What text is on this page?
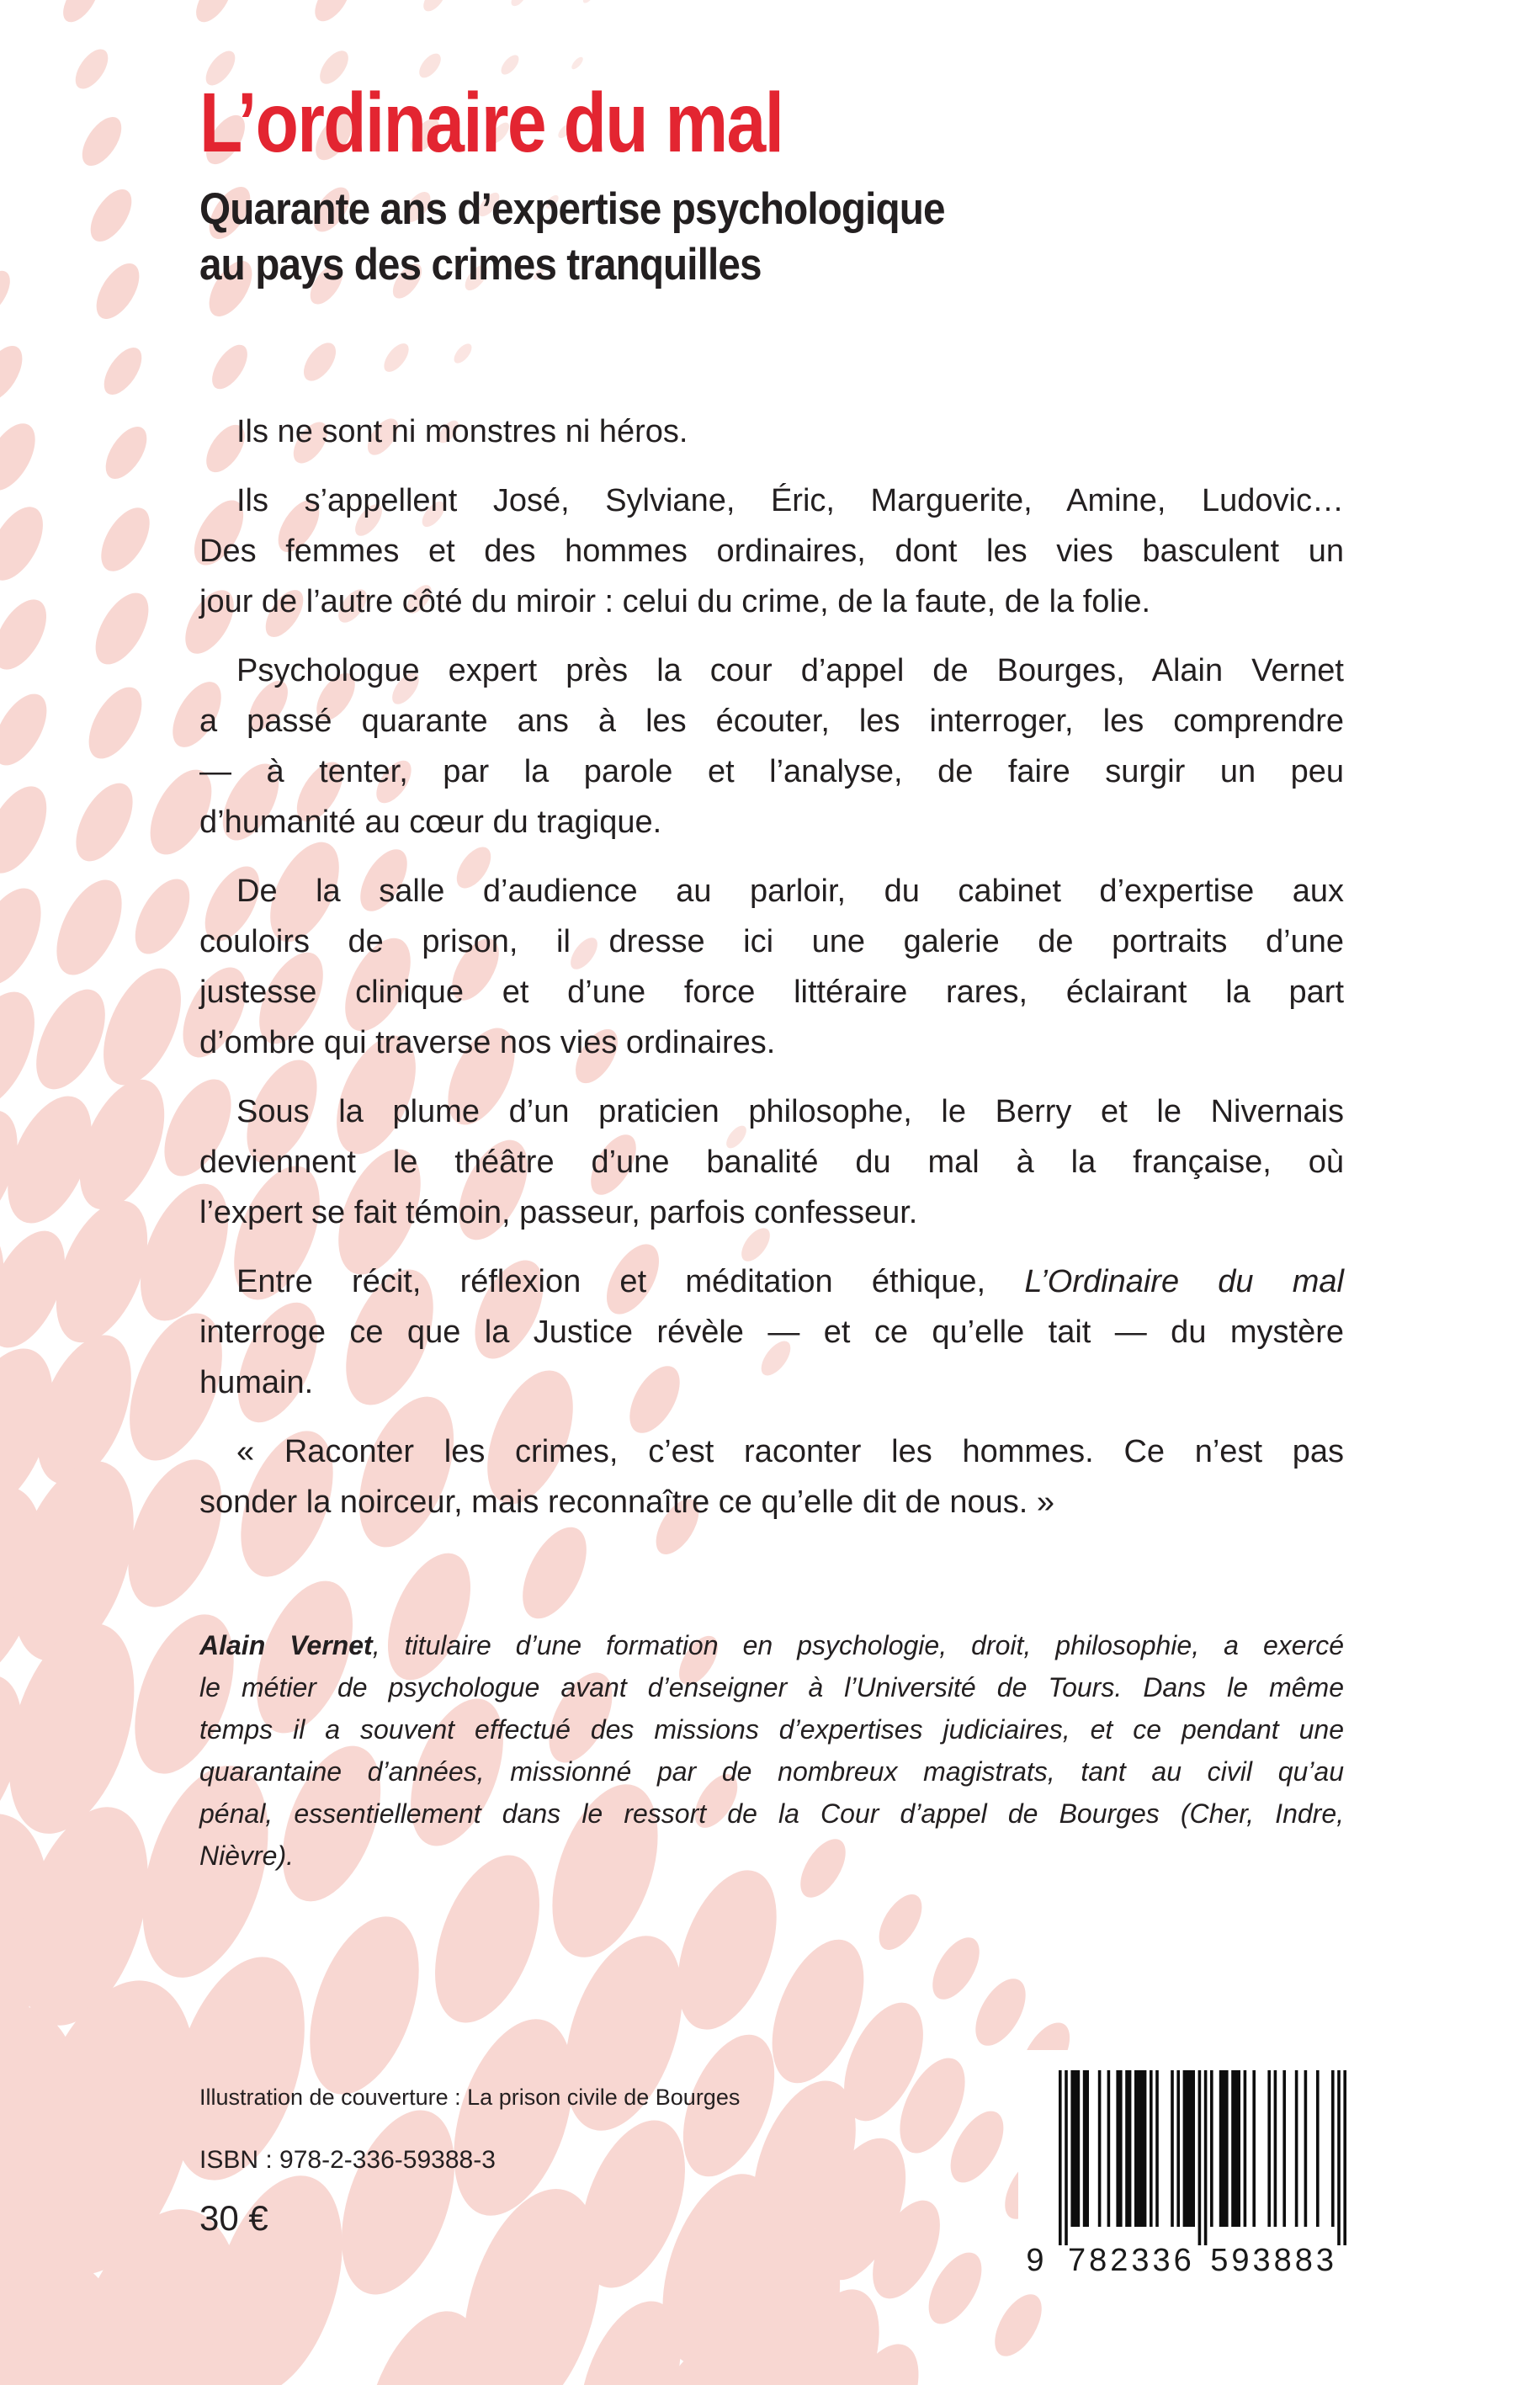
L’ordinaire du mal
Quarante ans d’expertise psychologique
au pays des crimes tranquilles
Ils ne sont ni monstres ni héros.
Ils s’appellent José, Sylviane, Éric, Marguerite, Amine, Ludovic…
Des femmes et des hommes ordinaires, dont les vies basculent un
jour de l’autre côté du miroir : celui du crime, de la faute, de la folie.
Psychologue expert près la cour d’appel de Bourges, Alain Vernet
a passé quarante ans à les écouter, les interroger, les comprendre
— à tenter, par la parole et l’analyse, de faire surgir un peu
d’humanité au cœur du tragique.
De la salle d’audience au parloir, du cabinet d’expertise aux
couloirs de prison, il dresse ici une galerie de portraits d’une
justesse clinique et d’une force littéraire rares, éclairant la part
d’ombre qui traverse nos vies ordinaires.
Sous la plume d’un praticien philosophe, le Berry et le Nivernais
deviennent le théâtre d’une banalité du mal à la française, où
l’expert se fait témoin, passeur, parfois confesseur.
Entre récit, réflexion et méditation éthique, L’Ordinaire du mal
interroge ce que la Justice révèle — et ce qu’elle tait — du mystère
humain.
« Raconter les crimes, c’est raconter les hommes. Ce n’est pas
sonder la noirceur, mais reconnaître ce qu’elle dit de nous. »
Alain Vernet, titulaire d’une formation en psychologie, droit, philosophie, a exercé
le métier de psychologue avant d’enseigner à l’Université de Tours. Dans le même
temps il a souvent effectué des missions d’expertises judiciaires, et ce pendant une
quarantaine d’années, missionné par de nombreux magistrats, tant au civil qu’au
pénal, essentiellement dans le ressort de la Cour d’appel de Bourges (Cher, Indre,
Nièvre).
Illustration de couverture : La prison civile de Bourges
ISBN : 978-2-336-59388-3
30 €
9 782336 593883
